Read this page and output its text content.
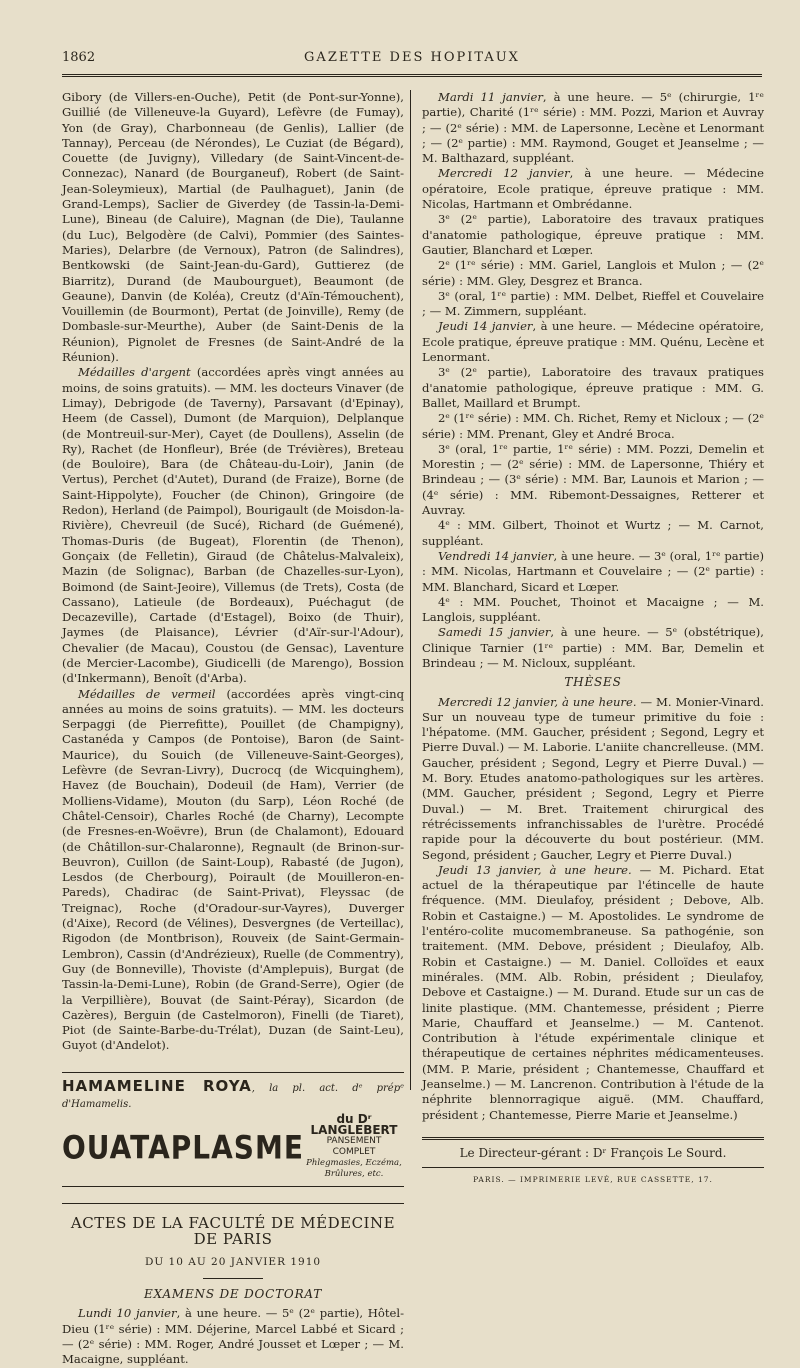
1862	GAZETTE DES HOPITAUX

Gibory (de Villers-en-Ouche), Petit (de Pont-sur-Yonne), Guillié (de Villeneuve-la Guyard), Lefèvre (de Fumay), Yon (de Gray), Charbonneau (de Genlis), Lallier (de Tannay), Perceau (de Nérondes), Le Cuziat (de Bégard), Couette (de Juvigny), Villedary (de Saint-Vincent-de-Connezac), Nanard (de Bourganeuf), Robert (de Saint-Jean-Soleymieux), Martial (de Paulhaguet), Janin (de Grand-Lemps), Saclier de Giverdey (de Tassin-la-Demi-Lune), Bineau (de Caluire), Magnan (de Die), Taulanne (du Luc), Belgodère (de Calvi), Pommier (des Saintes-Maries), Delarbre (de Vernoux), Patron (de Salindres), Bentkowski (de Saint-Jean-du-Gard), Guttierez (de Biarritz), Durand (de Maubourguet), Beaumont (de Geaune), Danvin (de Koléa), Creutz (d'Aïn-Témouchent), Vouillemin (de Bourmont), Pertat (de Joinville), Remy (de Dombasle-sur-Meurthe), Auber (de Saint-Denis de la Réunion), Pignolet de Fresnes (de Saint-André de la Réunion).

Médailles d'argent (accordées après vingt années au moins, de soins gratuits). — MM. les docteurs Vinaver (de Limay), Debrigode (de Taverny), Parsavant (d'Epinay), Heem (de Cassel), Dumont (de Marquion), Delplanque (de Montreuil-sur-Mer), Cayet (de Doullens), Asselin (de Ry), Rachet (de Honfleur), Brée (de Trévières), Breteau (de Bouloire), Bara (de Château-du-Loir), Janin (de Vertus), Perchet (d'Autet), Durand (de Fraize), Borne (de Saint-Hippolyte), Foucher (de Chinon), Gringoire (de Redon), Herland (de Paimpol), Bourigault (de Moisdon-la-Rivière), Chevreuil (de Sucé), Richard (de Guémené), Thomas-Duris (de Bugeat), Florentin (de Thenon), Gonçaix (de Felletin), Giraud (de Châtelus-Malvaleix), Mazin (de Solignac), Barban (de Chazelles-sur-Lyon), Boimond (de Saint-Jeoire), Villemus (de Trets), Costa (de Cassano), Latieule (de Bordeaux), Puéchagut (de Decazeville), Cartade (d'Estagel), Boixo (de Thuir), Jaymes (de Plaisance), Lévrier (d'Aïr-sur-l'Adour), Chevalier (de Macau), Coustou (de Gensac), Laventure (de Mercier-Lacombe), Giudicelli (de Marengo), Bossion (d'Inkermann), Benoît (d'Arba).

Médailles de vermeil (accordées après vingt-cinq années au moins de soins gratuits). — MM. les docteurs Serpaggi (de Pierrefitte), Pouillet (de Champigny), Castanéda y Campos (de Pontoise), Baron (de Saint-Maurice), du Souich (de Villeneuve-Saint-Georges), Lefèvre (de Sevran-Livry), Ducrocq (de Wicquinghem), Havez (de Bouchain), Dodeuil (de Ham), Verrier (de Molliens-Vidame), Mouton (du Sarp), Léon Roché (de Châtel-Censoir), Charles Roché (de Charny), Lecompte (de Fresnes-en-Woëvre), Brun (de Chalamont), Edouard (de Châtillon-sur-Chalaronne), Regnault (de Brinon-sur-Beuvron), Cuillon (de Saint-Loup), Rabasté (de Jugon), Lesdos (de Cherbourg), Poirault (de Mouilleron-en-Pareds), Chadirac (de Saint-Privat), Fleyssac (de Treignac), Roche (d'Oradour-sur-Vayres), Duverger (d'Aixe), Record (de Vélines), Desvergnes (de Verteillac), Rigodon (de Montbrison), Rouveix (de Saint-Germain-Lembron), Cassin (d'Andrézieux), Ruelle (de Commentry), Guy (de Bonneville), Thoviste (d'Amplepuis), Burgat (de Tassin-la-Demi-Lune), Robin (de Grand-Serre), Ogier (de la Verpillière), Bouvat (de Saint-Péray), Sicardon (de Cazères), Berguin (de Castelmoron), Finelli (de Tiaret), Piot (de Sainte-Barbe-du-Trélat), Duzan (de Saint-Leu), Guyot (d'Andelot).

HAMAMELINE ROYA, la pl. act. dᵉ prépᵉ d'Hamamelis.
OUATAPLASME
du Dʳ LANGLEBERT
PANSEMENT COMPLET
Phlegmasies, Eczéma, Brûlures, etc.
ACTES DE LA FACULTÉ DE MÉDECINE DE PARIS
DU 10 AU 20 JANVIER 1910
EXAMENS DE DOCTORAT

Lundi 10 janvier, à une heure. — 5ᵉ (2ᵉ partie), Hôtel-Dieu (1ʳᵉ série) : MM. Déjerine, Marcel Labbé et Sicard ; — (2ᵉ série) : MM. Roger, André Jousset et Lœper ; — M. Macaigne, suppléant.

Mardi 11 janvier, à une heure. — 5ᵉ (chirurgie, 1ʳᵉ partie), Charité (1ʳᵉ série) : MM. Pozzi, Marion et Auvray ; — (2ᵉ série) : MM. de Lapersonne, Lecène et Lenormant ; — (2ᵉ partie) : MM. Raymond, Gouget et Jeanselme ; — M. Balthazard, suppléant.

Mercredi 12 janvier, à une heure. — Médecine opératoire, Ecole pratique, épreuve pratique : MM. Nicolas, Hartmann et Ombrédanne.

3ᵉ (2ᵉ partie), Laboratoire des travaux pratiques d'anatomie pathologique, épreuve pratique : MM. Gautier, Blanchard et Lœper.

2ᵉ (1ʳᵉ série) : MM. Gariel, Langlois et Mulon ; — (2ᵉ série) : MM. Gley, Desgrez et Branca.

3ᵉ (oral, 1ʳᵉ partie) : MM. Delbet, Rieffel et Couvelaire ; — M. Zimmern, suppléant.

Jeudi 14 janvier, à une heure. — Médecine opératoire, Ecole pratique, épreuve pratique : MM. Quénu, Lecène et Lenormant.

3ᵉ (2ᵉ partie), Laboratoire des travaux pratiques d'anatomie pathologique, épreuve pratique : MM. G. Ballet, Maillard et Brumpt.

2ᵉ (1ʳᵉ série) : MM. Ch. Richet, Remy et Nicloux ; — (2ᵉ série) : MM. Prenant, Gley et André Broca.

3ᵉ (oral, 1ʳᵉ partie, 1ʳᵉ série) : MM. Pozzi, Demelin et Morestin ; — (2ᵉ série) : MM. de Lapersonne, Thiéry et Brindeau ; — (3ᵉ série) : MM. Bar, Launois et Marion ; — (4ᵉ série) : MM. Ribemont-Dessaignes, Retterer et Auvray.

4ᵉ : MM. Gilbert, Thoinot et Wurtz ; — M. Carnot, suppléant.

Vendredi 14 janvier, à une heure. — 3ᵉ (oral, 1ʳᵉ partie) : MM. Nicolas, Hartmann et Couvelaire ; — (2ᵉ partie) : MM. Blanchard, Sicard et Lœper.

4ᵉ : MM. Pouchet, Thoinot et Macaigne ; — M. Langlois, suppléant.

Samedi 15 janvier, à une heure. — 5ᵉ (obstétrique), Clinique Tarnier (1ʳᵉ partie) : MM. Bar, Demelin et Brindeau ; — M. Nicloux, suppléant.

THÈSES

Mercredi 12 janvier, à une heure. — M. Monier-Vinard. Sur un nouveau type de tumeur primitive du foie : l'hépatome. (MM. Gaucher, président ; Segond, Legry et Pierre Duval.) — M. Laborie. L'aniite chancrelleuse. (MM. Gaucher, président ; Segond, Legry et Pierre Duval.) — M. Bory. Etudes anatomo-pathologiques sur les artères. (MM. Gaucher, président ; Segond, Legry et Pierre Duval.) — M. Bret. Traitement chirurgical des rétrécissements infranchissables de l'urètre. Procédé rapide pour la découverte du bout postérieur. (MM. Segond, président ; Gaucher, Legry et Pierre Duval.)

Jeudi 13 janvier, à une heure. — M. Pichard. Etat actuel de la thérapeutique par l'étincelle de haute fréquence. (MM. Dieulafoy, président ; Debove, Alb. Robin et Castaigne.) — M. Apostolides. Le syndrome de l'entéro-colite mucomembraneuse. Sa pathogénie, son traitement. (MM. Debove, président ; Dieulafoy, Alb. Robin et Castaigne.) — M. Daniel. Colloïdes et eaux minérales. (MM. Alb. Robin, président ; Dieulafoy, Debove et Castaigne.) — M. Durand. Etude sur un cas de linite plastique. (MM. Chantemesse, président ; Pierre Marie, Chauffard et Jeanselme.) — M. Cantenot. Contribution à l'étude expérimentale clinique et thérapeutique de certaines néphrites médicamenteuses. (MM. P. Marie, président ; Chantemesse, Chauffard et Jeanselme.) — M. Lancrenon. Contribution à l'étude de la néphrite blennorragique aiguë. (MM. Chauffard, président ; Chantemesse, Pierre Marie et Jeanselme.)

Le Directeur-gérant : Dʳ François Le Sourd.
PARIS. — IMPRIMERIE LEVÉ, RUE CASSETTE, 17.
